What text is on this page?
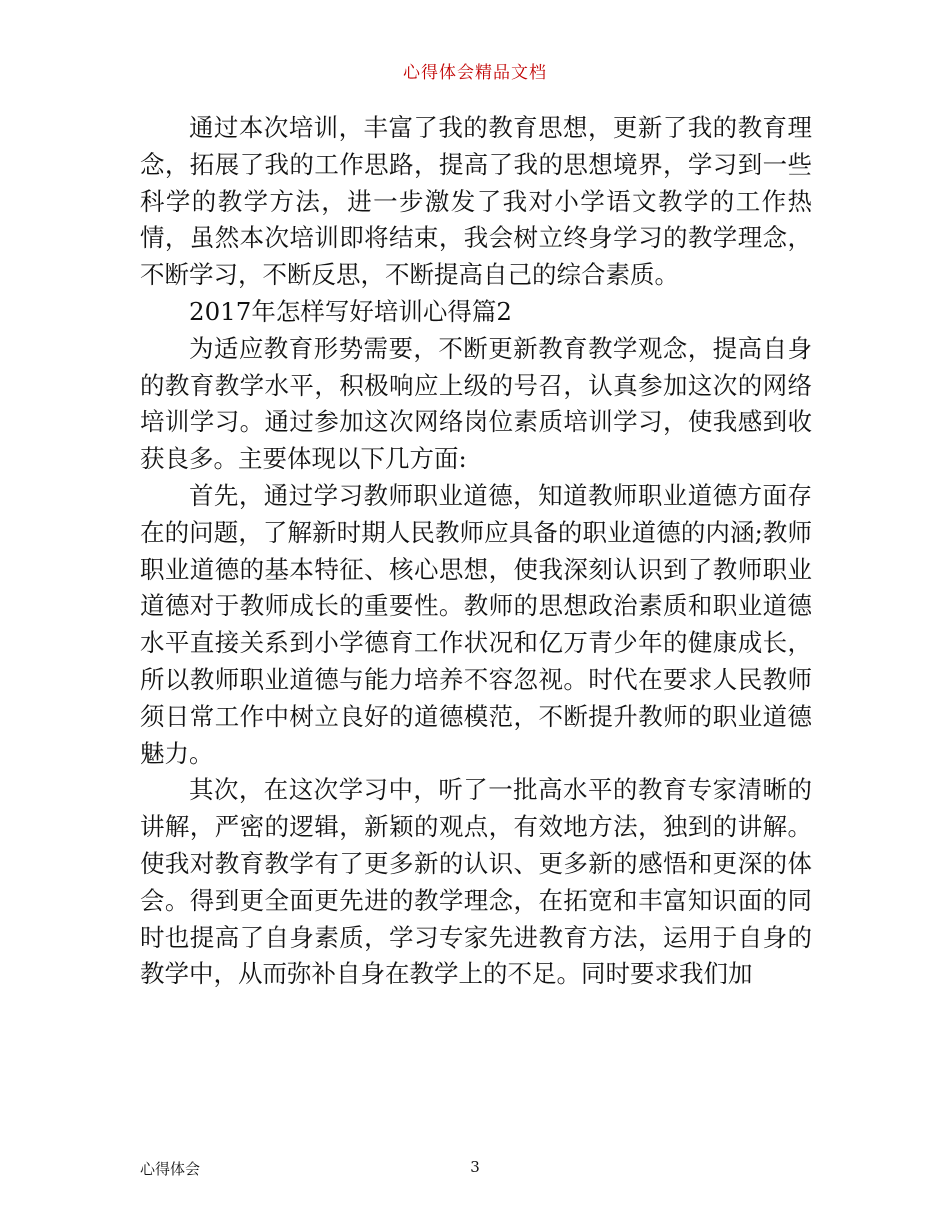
心得体会精品文档

通过本次培训，丰富了我的教育思想，更新了我的教育理念，拓展了我的工作思路，提高了我的思想境界，学习到一些科学的教学方法，进一步激发了我对小学语文教学的工作热情，虽然本次培训即将结束，我会树立终身学习的教学理念，不断学习，不断反思，不断提高自己的综合素质。

2017年怎样写好培训心得篇2

为适应教育形势需要，不断更新教育教学观念，提高自身的教育教学水平，积极响应上级的号召，认真参加这次的网络培训学习。通过参加这次网络岗位素质培训学习，使我感到收获良多。主要体现以下几方面:

首先，通过学习教师职业道德，知道教师职业道德方面存在的问题，了解新时期人民教师应具备的职业道德的内涵;教师职业道德的基本特征、核心思想，使我深刻认识到了教师职业道德对于教师成长的重要性。教师的思想政治素质和职业道德水平直接关系到小学德育工作状况和亿万青少年的健康成长，所以教师职业道德与能力培养不容忽视。时代在要求人民教师须日常工作中树立良好的道德模范，不断提升教师的职业道德魅力。

其次，在这次学习中，听了一批高水平的教育专家清晰的讲解，严密的逻辑，新颖的观点，有效地方法，独到的讲解。使我对教育教学有了更多新的认识、更多新的感悟和更深的体会。得到更全面更先进的教学理念，在拓宽和丰富知识面的同时也提高了自身素质，学习专家先进教育方法，运用于自身的教学中，从而弥补自身在教学上的不足。同时要求我们加

心得体会	3
